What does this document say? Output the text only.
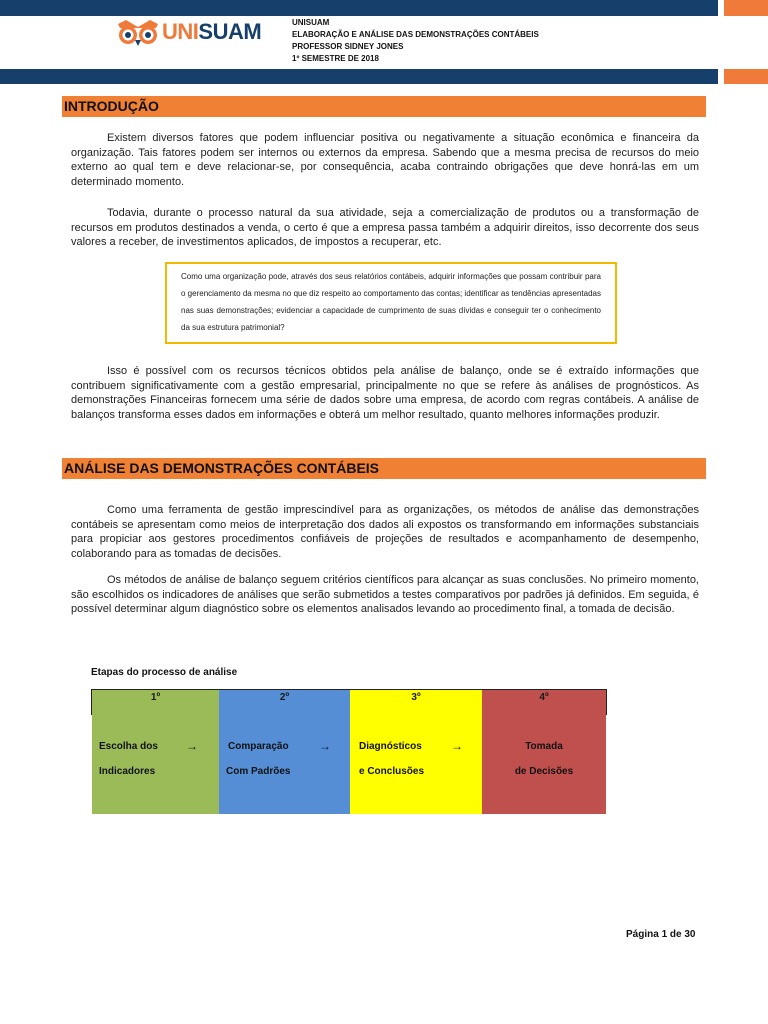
UNISUAM	UNISUAM
ELABORAÇÃO E ANÁLISE DAS DEMONSTRAÇÕES CONTÁBEIS
PROFESSOR SIDNEY JONES
1º SEMESTRE DE 2018
INTRODUÇÃO
Existem diversos fatores que podem influenciar positiva ou negativamente a situação econômica e financeira da organização. Tais fatores podem ser internos ou externos da empresa. Sabendo que a mesma precisa de recursos do meio externo ao qual tem e deve relacionar-se, por consequência, acaba contraindo obrigações que deve honrá-las em um determinado momento.
Todavia, durante o processo natural da sua atividade, seja a comercialização de produtos ou a transformação de recursos em produtos destinados a venda, o certo é que a empresa passa também a adquirir direitos, isso decorrente dos seus valores a receber, de investimentos aplicados, de impostos a recuperar, etc.
Como uma organização pode, através dos seus relatórios contábeis, adquirir informações que possam contribuir para o gerenciamento da mesma no que diz respeito ao comportamento das contas; identificar as tendências apresentadas nas suas demonstrações; evidenciar a capacidade de cumprimento de suas dívidas e conseguir ter o conhecimento da sua estrutura patrimonial?
Isso é possível com os recursos técnicos obtidos pela análise de balanço, onde se é extraído informações que contribuem significativamente com a gestão empresarial, principalmente no que se refere às análises de prognósticos. As demonstrações Financeiras fornecem uma série de dados sobre uma empresa, de acordo com regras contábeis. A análise de balanços transforma esses dados em informações e obterá um melhor resultado, quanto melhores informações produzir.
ANÁLISE DAS DEMONSTRAÇÕES CONTÁBEIS
Como uma ferramenta de gestão imprescindível para as organizações, os métodos de análise das demonstrações contábeis se apresentam como meios de interpretação dos dados ali expostos os transformando em informações substanciais para propiciar aos gestores procedimentos confiáveis de projeções de resultados e acompanhamento de desempenho, colaborando para as tomadas de decisões.
Os métodos de análise de balanço seguem critérios científicos para alcançar as suas conclusões. No primeiro momento, são escolhidos os indicadores de análises que serão submetidos a testes comparativos por padrões já definidos. Em seguida, é possível determinar algum diagnóstico sobre os elementos analisados levando ao procedimento final, a tomada de decisão.
Etapas do processo de análise
1º
Escolha dos
Indicadores
→
2º
Comparação
Com Padrões
→
3º
Diagnósticos
e Conclusões
→
4º
Tomada
de Decisões
Página 1 de 30
